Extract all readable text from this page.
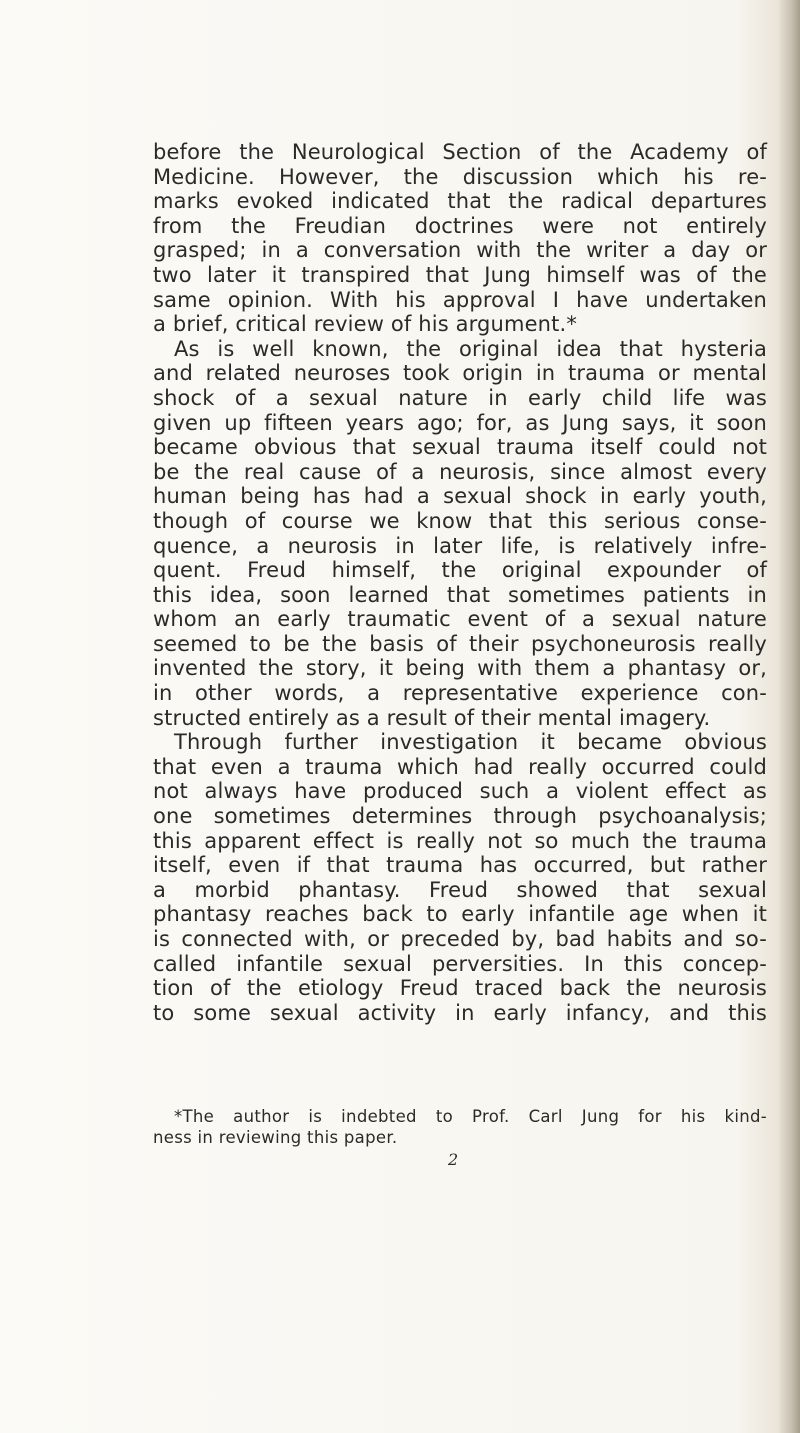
before the Neurological Section of the Academy of
Medicine. However, the discussion which his re-
marks evoked indicated that the radical departures
from the Freudian doctrines were not entirely
grasped; in a conversation with the writer a day or
two later it transpired that Jung himself was of the
same opinion. With his approval I have undertaken
a brief, critical review of his argument.*

As is well known, the original idea that hysteria
and related neuroses took origin in trauma or mental
shock of a sexual nature in early child life was
given up fifteen years ago; for, as Jung says, it soon
became obvious that sexual trauma itself could not
be the real cause of a neurosis, since almost every
human being has had a sexual shock in early youth,
though of course we know that this serious conse-
quence, a neurosis in later life, is relatively infre-
quent. Freud himself, the original expounder of
this idea, soon learned that sometimes patients in
whom an early traumatic event of a sexual nature
seemed to be the basis of their psychoneurosis really
invented the story, it being with them a phantasy or,
in other words, a representative experience con-
structed entirely as a result of their mental imagery.

Through further investigation it became obvious
that even a trauma which had really occurred could
not always have produced such a violent effect as
one sometimes determines through psychoanalysis;
this apparent effect is really not so much the trauma
itself, even if that trauma has occurred, but rather
a morbid phantasy. Freud showed that sexual
phantasy reaches back to early infantile age when it
is connected with, or preceded by, bad habits and so-
called infantile sexual perversities. In this concep-
tion of the etiology Freud traced back the neurosis
to some sexual activity in early infancy, and this

*The author is indebted to Prof. Carl Jung for his kind-
ness in reviewing this paper.
2
